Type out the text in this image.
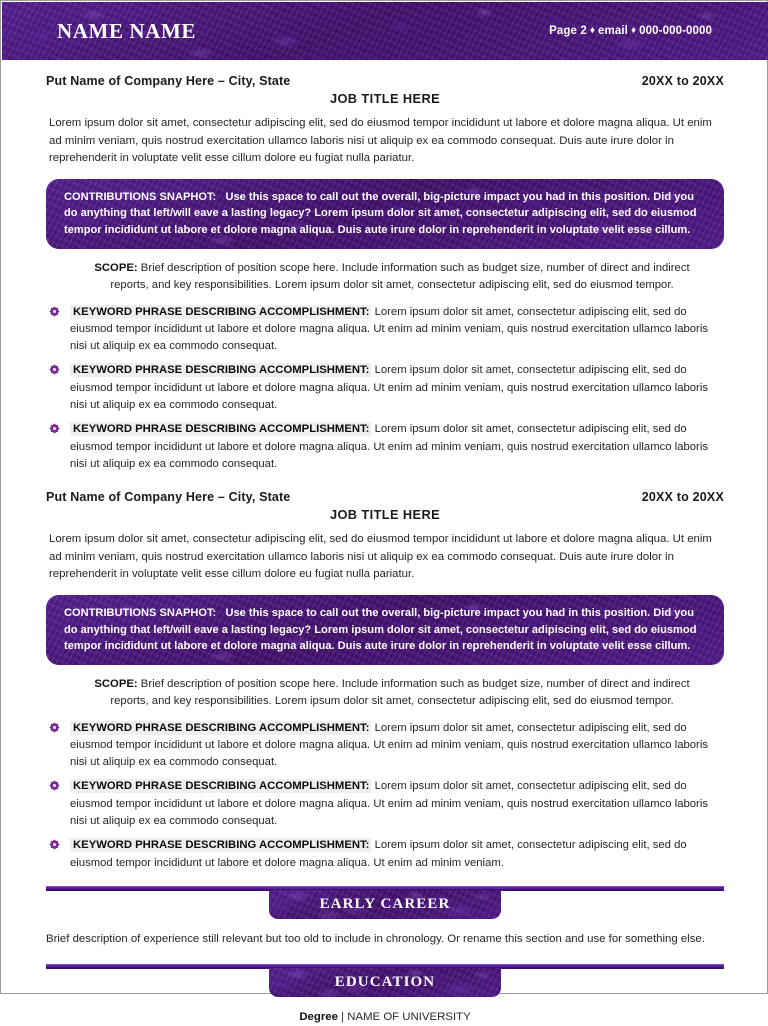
NAME NAME	Page 2 ♦ email ♦ 000-000-0000
Put Name of Company Here – City, State	20XX to 20XX
JOB TITLE HERE
Lorem ipsum dolor sit amet, consectetur adipiscing elit, sed do eiusmod tempor incididunt ut labore et dolore magna aliqua. Ut enim ad minim veniam, quis nostrud exercitation ullamco laboris nisi ut aliquip ex ea commodo consequat. Duis aute irure dolor in reprehenderit in voluptate velit esse cillum dolore eu fugiat nulla pariatur.
CONTRIBUTIONS SNAPHOT: Use this space to call out the overall, big-picture impact you had in this position. Did you do anything that left/will eave a lasting legacy? Lorem ipsum dolor sit amet, consectetur adipiscing elit, sed do eiusmod tempor incididunt ut labore et dolore magna aliqua. Duis aute irure dolor in reprehenderit in voluptate velit esse cillum.
SCOPE: Brief description of position scope here. Include information such as budget size, number of direct and indirect reports, and key responsibilities. Lorem ipsum dolor sit amet, consectetur adipiscing elit, sed do eiusmod tempor.
KEYWORD PHRASE DESCRIBING ACCOMPLISHMENT: Lorem ipsum dolor sit amet, consectetur adipiscing elit, sed do eiusmod tempor incididunt ut labore et dolore magna aliqua. Ut enim ad minim veniam, quis nostrud exercitation ullamco laboris nisi ut aliquip ex ea commodo consequat.
KEYWORD PHRASE DESCRIBING ACCOMPLISHMENT: Lorem ipsum dolor sit amet, consectetur adipiscing elit, sed do eiusmod tempor incididunt ut labore et dolore magna aliqua. Ut enim ad minim veniam, quis nostrud exercitation ullamco laboris nisi ut aliquip ex ea commodo consequat.
KEYWORD PHRASE DESCRIBING ACCOMPLISHMENT: Lorem ipsum dolor sit amet, consectetur adipiscing elit, sed do eiusmod tempor incididunt ut labore et dolore magna aliqua. Ut enim ad minim veniam, quis nostrud exercitation ullamco laboris nisi ut aliquip ex ea commodo consequat.
Put Name of Company Here – City, State	20XX to 20XX
JOB TITLE HERE
Lorem ipsum dolor sit amet, consectetur adipiscing elit, sed do eiusmod tempor incididunt ut labore et dolore magna aliqua. Ut enim ad minim veniam, quis nostrud exercitation ullamco laboris nisi ut aliquip ex ea commodo consequat. Duis aute irure dolor in reprehenderit in voluptate velit esse cillum dolore eu fugiat nulla pariatur.
CONTRIBUTIONS SNAPHOT: Use this space to call out the overall, big-picture impact you had in this position. Did you do anything that left/will eave a lasting legacy? Lorem ipsum dolor sit amet, consectetur adipiscing elit, sed do eiusmod tempor incididunt ut labore et dolore magna aliqua. Duis aute irure dolor in reprehenderit in voluptate velit esse cillum.
SCOPE: Brief description of position scope here. Include information such as budget size, number of direct and indirect reports, and key responsibilities. Lorem ipsum dolor sit amet, consectetur adipiscing elit, sed do eiusmod tempor.
KEYWORD PHRASE DESCRIBING ACCOMPLISHMENT: Lorem ipsum dolor sit amet, consectetur adipiscing elit, sed do eiusmod tempor incididunt ut labore et dolore magna aliqua. Ut enim ad minim veniam, quis nostrud exercitation ullamco laboris nisi ut aliquip ex ea commodo consequat.
KEYWORD PHRASE DESCRIBING ACCOMPLISHMENT: Lorem ipsum dolor sit amet, consectetur adipiscing elit, sed do eiusmod tempor incididunt ut labore et dolore magna aliqua. Ut enim ad minim veniam, quis nostrud exercitation ullamco laboris nisi ut aliquip ex ea commodo consequat.
KEYWORD PHRASE DESCRIBING ACCOMPLISHMENT: Lorem ipsum dolor sit amet, consectetur adipiscing elit, sed do eiusmod tempor incididunt ut labore et dolore magna aliqua. Ut enim ad minim veniam.
EARLY CAREER
Brief description of experience still relevant but too old to include in chronology. Or rename this section and use for something else.
EDUCATION
Degree | NAME OF UNIVERSITY
